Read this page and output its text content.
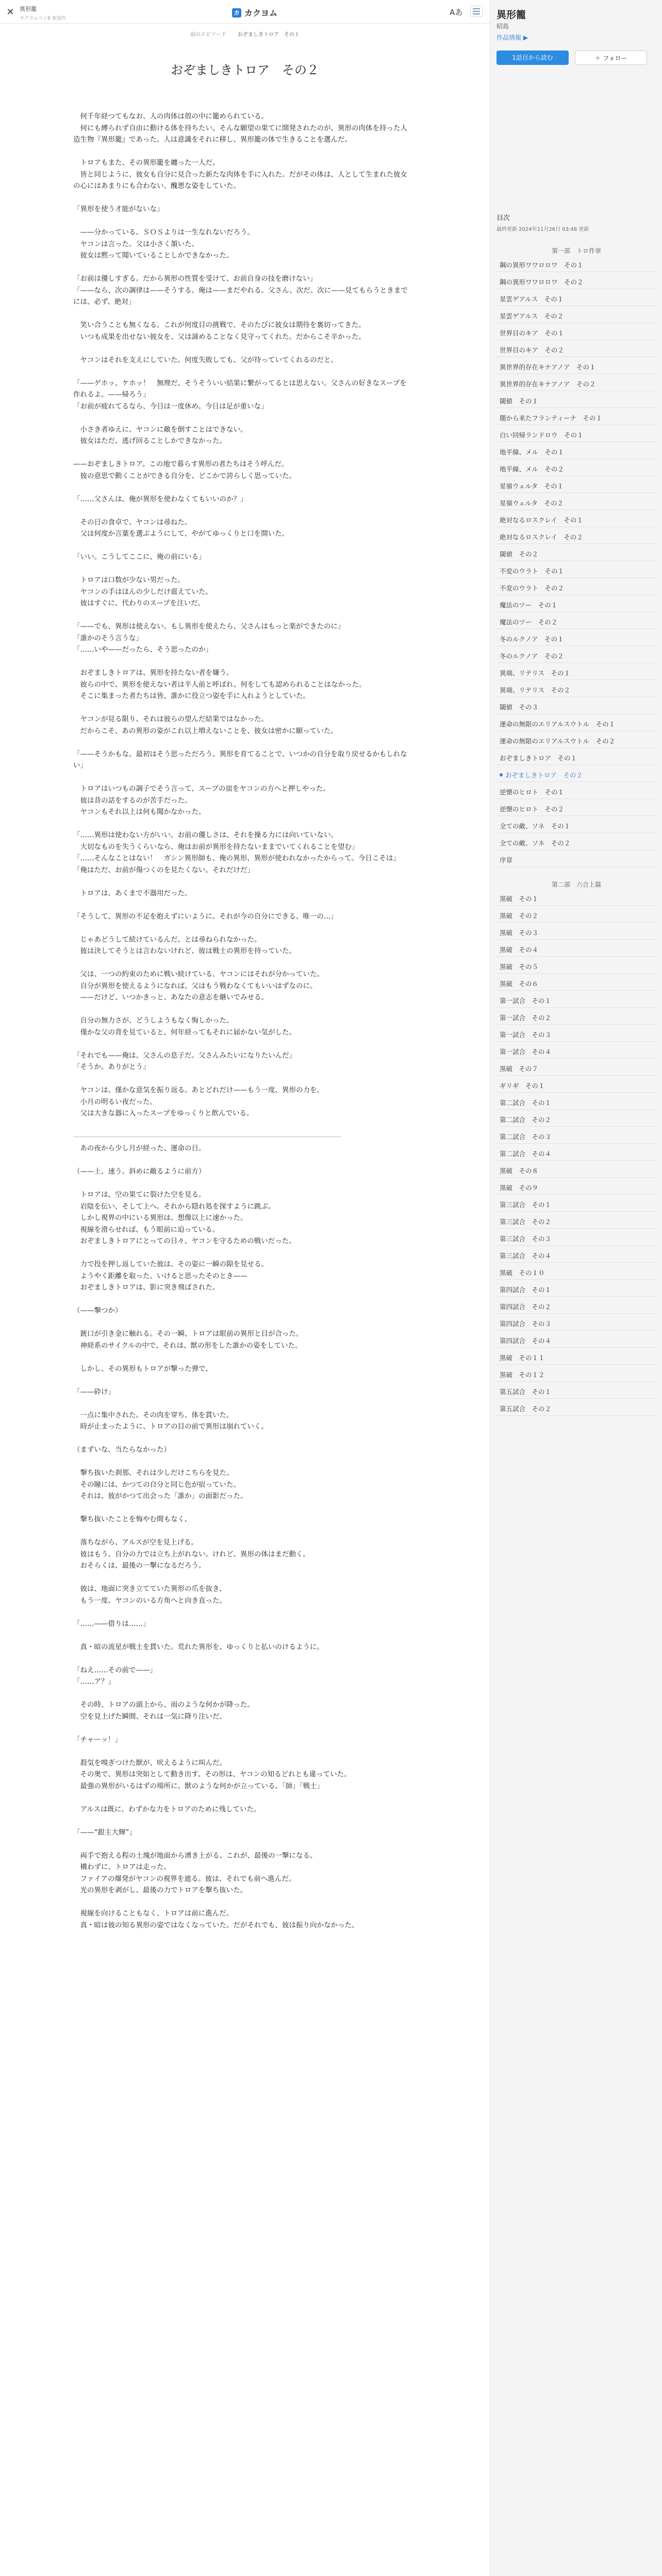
✕ 異形籠
カクヨムコン8 参加作
カ カクヨム	Aあ
前のエピソード	おぞましきトロア　その１
おぞましきトロア　その２

　何千年経つてもなお、人の肉体は殻の中に籠められている。

　何にも縛られず自由に動ける体を持ちたい。そんな願望の果てに開発されたのが、異形の肉体を持った人造生物『異形籠』であった。人は意識をそれに移し、異形籠の体で生きることを選んだ。

　トロアもまた、その異形籠を纏った一人だ。

　皆と同じように、彼女も自分に見合った新たな肉体を手に入れた。だがその体は、人として生まれた彼女の心にはあまりにも合わない、醜悪な姿をしていた。

「異形を使う才能がないな」

　——分かっている。ＳＯＳよりは一生なれないだろう。

　ヤコンは言った。父は小さく頷いた。

　彼女は黙って聞いていることしかできなかった。

「お前は優しすぎる。だから異形の性質を受けて、お前自身の技を磨けない」

「——なら、次の調律は——そうする。俺は——まだやれる。父さん、次だ。次に——見てもらうときまでには、必ず、絶対」

　笑い合うことも無くなる。これが何度目の挑戦で、そのたびに彼女は期待を裏切ってきた。

　いつも成果を出せない彼女を、父は諦めることなく見守ってくれた。だからこそ辛かった。

　ヤコンはそれを支えにしていた。何度失敗しても、父が待っていてくれるのだと。

「——ゲホッ、ケホッ！　無理だ、そうそういい結果に繋がってるとは思えない。父さんの好きなスープを作れるよ。——帰ろう」

「お前が疲れてるなら、今日は一度休め。今日は足が重いな」

　小さき者ゆえに、ヤコンに敵を倒すことはできない。

　彼女はただ、逃げ回ることしかできなかった。

——おぞましきトロア。この地で暮らす異形の者たちはそう呼んだ。

　彼の意思で動くことができる自分を、どこかで誇らしく思っていた。

「……父さんは、俺が異形を使わなくてもいいのか？」

　その日の食卓で、ヤコンは尋ねた。

　父は何度か言葉を選ぶようにして、やがてゆっくりと口を開いた。

「いい。こうしてここに、俺の前にいる」

　トロアは口数が少ない男だった。

　ヤコンの手はほんの少しだけ震えていた。

　彼はすぐに、代わりのスープを注いだ。

「——でも、異形は使えない。もし異形を使えたら、父さんはもっと楽ができたのに」

「誰かのそう言うな」

「……いや——だったら、そう思ったのか」

　おぞましきトロアは、異形を持たない者を嫌う。

　彼らの中で、異形を使えない者は半人前と呼ばれ、何をしても認められることはなかった。

　そこに集まった者たちは皆、誰かに役立つ姿を手に入れようとしていた。

　ヤコンが見る限り、それは彼らの望んだ結果ではなかった。

　だからこそ、あの異形の姿がこれ以上増えないことを、彼女は密かに願っていた。

「——そうかもな。最初はそう思っただろう。異形を育てることで、いつかの自分を取り戻せるかもしれない」

　トロアはいつもの調子でそう言って、スープの皿をヤコンの方へと押しやった。

　彼は昔の話をするのが苦手だった。

　ヤコンもそれ以上は何も聞かなかった。

「……異形は使わない方がいい。お前の優しさは、それを操る力には向いていない。

　大切なものを失うくらいなら、俺はお前が異形を持たないままでいてくれることを望む」

「……そんなことはない！　ガシン異形師も、俺の異形、異形が使われなかったからって。今日こそは」

「俺はただ、お前が傷つくのを見たくない。それだけだ」

　トロアは、あくまで不器用だった。

「そうして、異形の不足を抱えずにいように。それが今の自分にできる、唯一の…」

　じゃあどうして続けているんだ、とは尋ねられなかった。

　彼は決してそうとは言わないけれど、彼は戦士の異形を持っていた。

　父は、一つの約束のために戦い続けている。ヤコンにはそれが分かっていた。

　自分が異形を使えるようになれば、父はもう戦わなくてもいいはずなのに。

　——だけど、いつかきっと、あなたの意志を継いでみせる。

　自分の無力さが、どうしようもなく悔しかった。

　僅かな父の背を見ていると、何年経ってもそれに届かない気がした。

「それでも——俺は、父さんの息子だ。父さんみたいになりたいんだ」

「そうか。ありがとう」

　ヤコンは、僅かな意気を振り返る。あとどれだけ——もう一度、異形の力を。

　小月の明るい夜だった。

　父は大きな器に入ったスープをゆっくりと飲んでいる。

　あの夜から少し月が経った、運命の日。

（——上、速う。斜めに敵るように前方）

　トロアは、空の果てに裂けた空を見る。

　岩陰を伝い、そして上へ。それから隠れ処を探すように跳ぶ。

　しかし視界の中にいる異形は、想像以上に速かった。

　視線を滑らせれば、もう眼前に迫っている。

　おぞましきトロアにとっての日々、ヤコンを守るための戦いだった。

　力で投を押し返していた彼は、その姿に一瞬の隙を見せる。

　ようやく距離を取った。いけると思ったそのとき——

　おぞましきトロアは、影に突き飛ばされた。

（——撃つか）

　銃口が引き金に触れる。その一瞬、トロアは眼前の異形と目が合った。

　神経系のサイクルの中で、それは、獣の形をした誰かの姿をしていた。

　しかし、その異形もトロアが撃った弾で、

「——砕け」

　一点に集中された。その肉を穿ち、体を貫いた。

　時が止まったように、トロアの目の前で異形は崩れていく。

（まずいな、当たらなかった）

　撃ち抜いた刹那、それは少しだけこちらを見た。

　その瞳には、かつての自分と同じ色が宿っていた。

　それは、彼がかつて出会った「誰か」の面影だった。

　撃ち抜いたことを悔やむ間もなく、

　落ちながら、アルスが空を見上げる。

　彼はもう、自分の力では立ち上がれない。けれど、異形の体はまだ動く。

　おそらくは、最後の一撃になるだろう。

　彼は、地面に突き立てていた異形の爪を抜き、

　もう一度、ヤコンのいる方角へと向き直った。

「……——借りは……」

　真・暗の流星が戦士を貫いた。荒れた異形を、ゆっくりと払いのけるように。

「ねえ……その前で——」

「……ア？」

　その時、トロアの頭上から、雨のような何かが降った。

　空を見上げた瞬間、それは一気に降り注いだ。

「チャーッ！」

　殺気を嗅ぎつけた獣が、吠えるように叫んだ。

　その奥で、異形は突如として動き出す。その形は、ヤコンの知るどれとも違っていた。

　最強の異形がいるはずの場所に、獣のような何かが立っている。「師」「戦士」

　アルスは既に、わずかな力をトロアのために残していた。

「——“銀主大輝”」

　両手で抱える程の土塊が地面から湧き上がる。これが、最後の一撃になる。

　構わずに、トロアは走った。

　ファイアの爆発がヤコンの視界を遮る。彼は、それでも前へ進んだ。

　光の異形を剥がし、最後の力でトロアを撃ち抜いた。

　視線を向けることもなく、トロアは前に進んだ。

　真・暗は彼の知る異形の姿ではなくなっていた。だがそれでも、彼は振り向かなかった。

異形籠
昭島
作品情報 ▶
1話目から読む	＋ フォロー
目次
最終更新 2024年11月26日 03:48 更新
第一部　トロ件章
鋼の異形ワワロロワ　その１
鋼の異形ワワロロワ　その２
星雲ゲアルス　その１
星雲ゲアルス　その２
世界目のキア　その１
世界目のキア　その２
異世界的存在キナアノア　その１
異世界的存在キナアノア　その２
閾値　その１
闇から来たフランティーナ　その１
白い回帰ランドロウ　その１
地平線、メル　その１
地平線、メル　その２
星嶺ウェルタ　その１
星嶺ウェルタ　その２
絶対なるロスクレイ　その１
絶対なるロスクレイ　その２
閾値　その２
不変のウラト　その１
不変のウラト　その２
魔法のツー　その１
魔法のツー　その２
冬のルクノア　その１
冬のルクノア　その２
異端、リテリス　その１
異端、リテリス　その２
閾値　その３
運命の無限のエリアルスウトル　その１
運命の無限のエリアルスウトル　その２
おぞましきトロア　その１
おぞましきトロア　その２
逆懐のヒロト　その１
逆懐のヒロト　その２
全ての敵、ソネ　その１
全ての敵、ソネ　その２
序章
第二部　六合上篇
黒破　その１
黒破　その２
黒破　その３
黒破　その４
黒破　その５
黒破　その６
第一試合　その１
第一試合　その２
第一試合　その３
第一試合　その４
黒破　その７
ギリギ　その１
第二試合　その１
第二試合　その２
第二試合　その３
第二試合　その４
黒破　その８
黒破　その９
第三試合　その１
第三試合　その２
第三試合　その３
第三試合　その４
黒破　その１０
第四試合　その１
第四試合　その２
第四試合　その３
第四試合　その４
黒破　その１１
黒破　その１２
第五試合　その１
第五試合　その２
